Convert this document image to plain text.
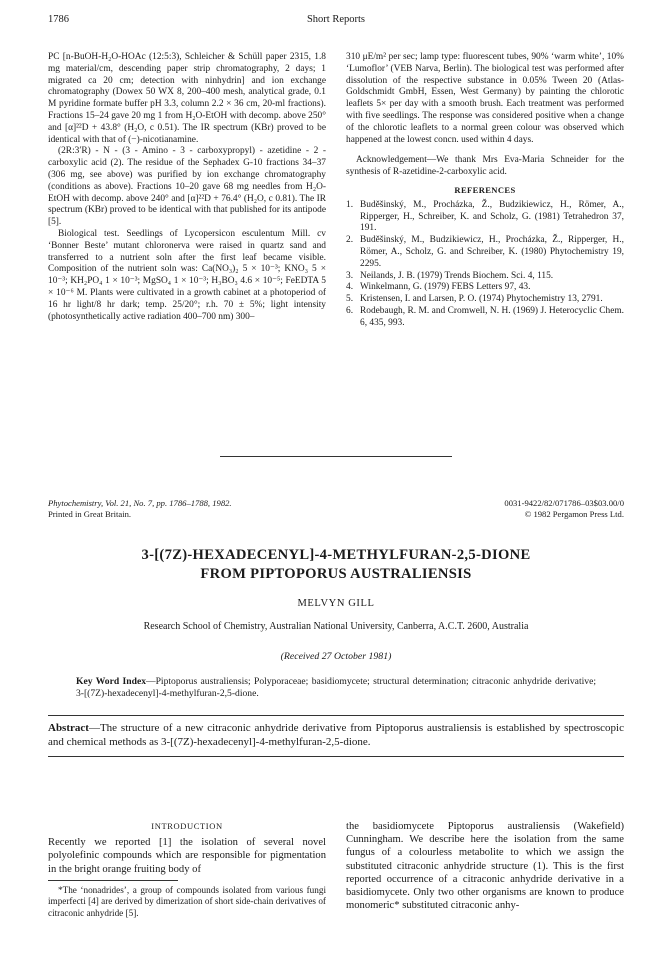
1786	Short Reports

PC [n-BuOH-H₂O-HOAc (12:5:3), Schleicher & Schüll paper 2315, 1.8 mg material/cm, descending paper strip chromatography, 2 days; 1 migrated ca 20 cm; detection with ninhydrin] and ion exchange chromatography (Dowex 50 WX 8, 200–400 mesh, analytical grade, 0.1 M pyridine formate buffer pH 3.3, column 2.2 × 36 cm, 20-ml fractions). Fractions 15–24 gave 20 mg 1 from H₂O-EtOH with decomp. above 250° and [α]²²D + 43.8° (H₂O, c 0.51). The IR spectrum (KBr) proved to be identical with that of (−)-nicotianamine.

(2R:3′R) - N - (3 - Amino - 3 - carboxypropyl) - azetidine - 2 - carboxylic acid (2). The residue of the Sephadex G-10 fractions 34–37 (306 mg, see above) was purified by ion exchange chromatography (conditions as above). Fractions 10–20 gave 68 mg needles from H₂O-EtOH with decomp. above 240° and [α]²²D + 76.4° (H₂O, c 0.81). The IR spectrum (KBr) proved to be identical with that published for its antipode [5].

Biological test. Seedlings of Lycopersicon esculentum Mill. cv ‘Bonner Beste’ mutant chloronerva were raised in quartz sand and transferred to a nutrient soln after the first leaf became visible. Composition of the nutrient soln was: Ca(NO₃)₂ 5 × 10⁻³; KNO₃ 5 × 10⁻³; KH₂PO₄ 1 × 10⁻³; MgSO₄ 1 × 10⁻³; H₃BO₃ 4.6 × 10⁻⁵; FeEDTA 5 × 10⁻⁶ M. Plants were cultivated in a growth cabinet at a photoperiod of 16 hr light/8 hr dark; temp. 25/20°; r.h. 70 ± 5%; light intensity (photosynthetically active radiation 400–700 nm) 300–

310 μE/m² per sec; lamp type: fluorescent tubes, 90% ‘warm white’, 10% ‘Lumoflor’ (VEB Narva, Berlin). The biological test was performed after dissolution of the respective substance in 0.05% Tween 20 (Atlas-Goldschmidt GmbH, Essen, West Germany) by painting the chlorotic leaflets 5× per day with a smooth brush. Each treatment was performed with five seedlings. The response was considered positive when a change of the chlorotic leaflets to a normal green colour was observed which happened at the lowest concn. used within 4 days.

Acknowledgement—We thank Mrs Eva-Maria Schneider for the synthesis of R-azetidine-2-carboxylic acid.

REFERENCES
1. Buděšinský, M., Procházka, Ž., Budzikiewicz, H., Römer, A., Ripperger, H., Schreiber, K. and Scholz, G. (1981) Tetrahedron 37, 191.
2. Buděšinský, M., Budzikiewicz, H., Procházka, Ž., Ripperger, H., Römer, A., Scholz, G. and Schreiber, K. (1980) Phytochemistry 19, 2295.
3. Neilands, J. B. (1979) Trends Biochem. Sci. 4, 115.
4. Winkelmann, G. (1979) FEBS Letters 97, 43.
5. Kristensen, I. and Larsen, P. O. (1974) Phytochemistry 13, 2791.
6. Rodebaugh, R. M. and Cromwell, N. H. (1969) J. Heterocyclic Chem. 6, 435, 993.
Phytochemistry, Vol. 21, No. 7, pp. 1786–1788, 1982.
Printed in Great Britain.
0031-9422/82/071786–03$03.00/0
© 1982 Pergamon Press Ltd.
3-[(7Z)-HEXADECENYL]-4-METHYLFURAN-2,5-DIONE
FROM PIPTOPORUS AUSTRALIENSIS
MELVYN GILL
Research School of Chemistry, Australian National University, Canberra, A.C.T. 2600, Australia
(Received 27 October 1981)
Key Word Index—Piptoporus australiensis; Polyporaceae; basidiomycete; structural determination; citraconic anhydride derivative; 3-[(7Z)-hexadecenyl]-4-methylfuran-2,5-dione.
Abstract—The structure of a new citraconic anhydride derivative from Piptoporus australiensis is established by spectroscopic and chemical methods as 3-[(7Z)-hexadecenyl]-4-methylfuran-2,5-dione.
INTRODUCTION

Recently we reported [1] the isolation of several novel polyolefinic compounds which are responsible for pigmentation in the bright orange fruiting body of

*The ‘nonadrides’, a group of compounds isolated from various fungi imperfecti [4] are derived by dimerization of short side-chain derivatives of citraconic anhydride [5].

the basidiomycete Piptoporus australiensis (Wakefield) Cunningham. We describe here the isolation from the same fungus of a colourless metabolite to which we assign the substituted citraconic anhydride structure (1). This is the first reported occurrence of a citraconic anhydride derivative in a basidiomycete. Only two other organisms are known to produce monomeric* substituted citraconic anhy-
